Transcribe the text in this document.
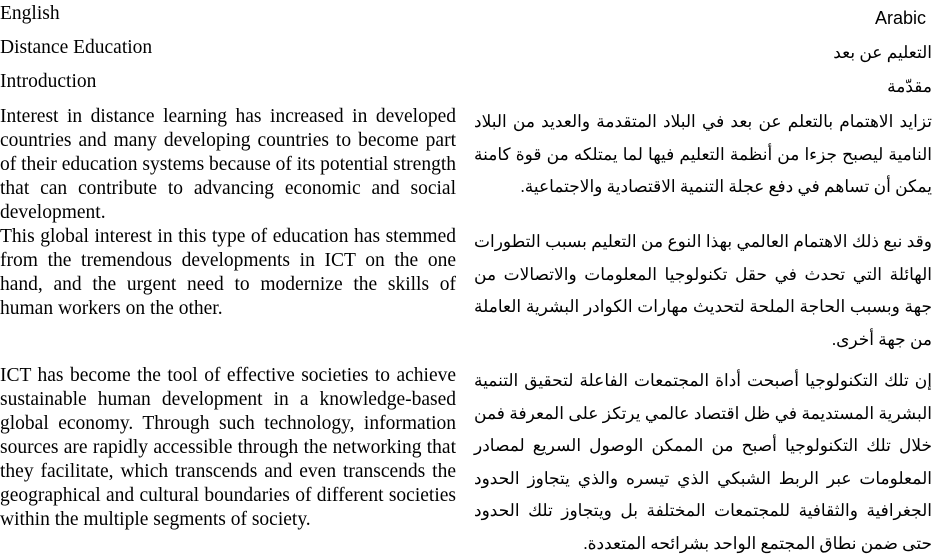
English
Distance Education
Introduction
Interest in distance learning has increased in developed countries and many developing countries to become part of their education systems because of its potential strength that can contribute to advancing economic and social development.
This global interest in this type of education has stemmed from the tremendous developments in ICT on the one hand, and the urgent need to modernize the skills of human workers on the other.
ICT has become the tool of effective societies to achieve sustainable human development in a knowledge-based global economy. Through such technology, information sources are rapidly accessible through the networking that they facilitate, which transcends and even transcends the geographical and cultural boundaries of different societies within the multiple segments of society.
Arabic
التعليم عن بعد
مقدّمة
تزايد الاهتمام بالتعلم عن بعد في البلاد المتقدمة والعديد من البلاد النامية ليصبح جزءا من أنظمة التعليم فيها لما يمتلكه من قوة كامنة يمكن أن تساهم في دفع عجلة التنمية الاقتصادية والاجتماعية.
وقد نبع ذلك الاهتمام العالمي بهذا النوع من التعليم بسبب التطورات الهائلة التي تحدث في حقل تكنولوجيا المعلومات والاتصالات من جهة وبسبب الحاجة الملحة لتحديث مهارات الكوادر البشرية العاملة من جهة أخرى.
إن تلك التكنولوجيا أصبحت أداة المجتمعات الفاعلة لتحقيق التنمية البشرية المستديمة في ظل اقتصاد عالمي يرتكز على المعرفة فمن خلال تلك التكنولوجيا أصبح من الممكن الوصول السريع لمصادر المعلومات عبر الربط الشبكي الذي تيسره والذي يتجاوز الحدود الجغرافية والثقافية للمجتمعات المختلفة بل ويتجاوز تلك الحدود حتى ضمن نطاق المجتمع الواحد بشرائحه المتعددة.
